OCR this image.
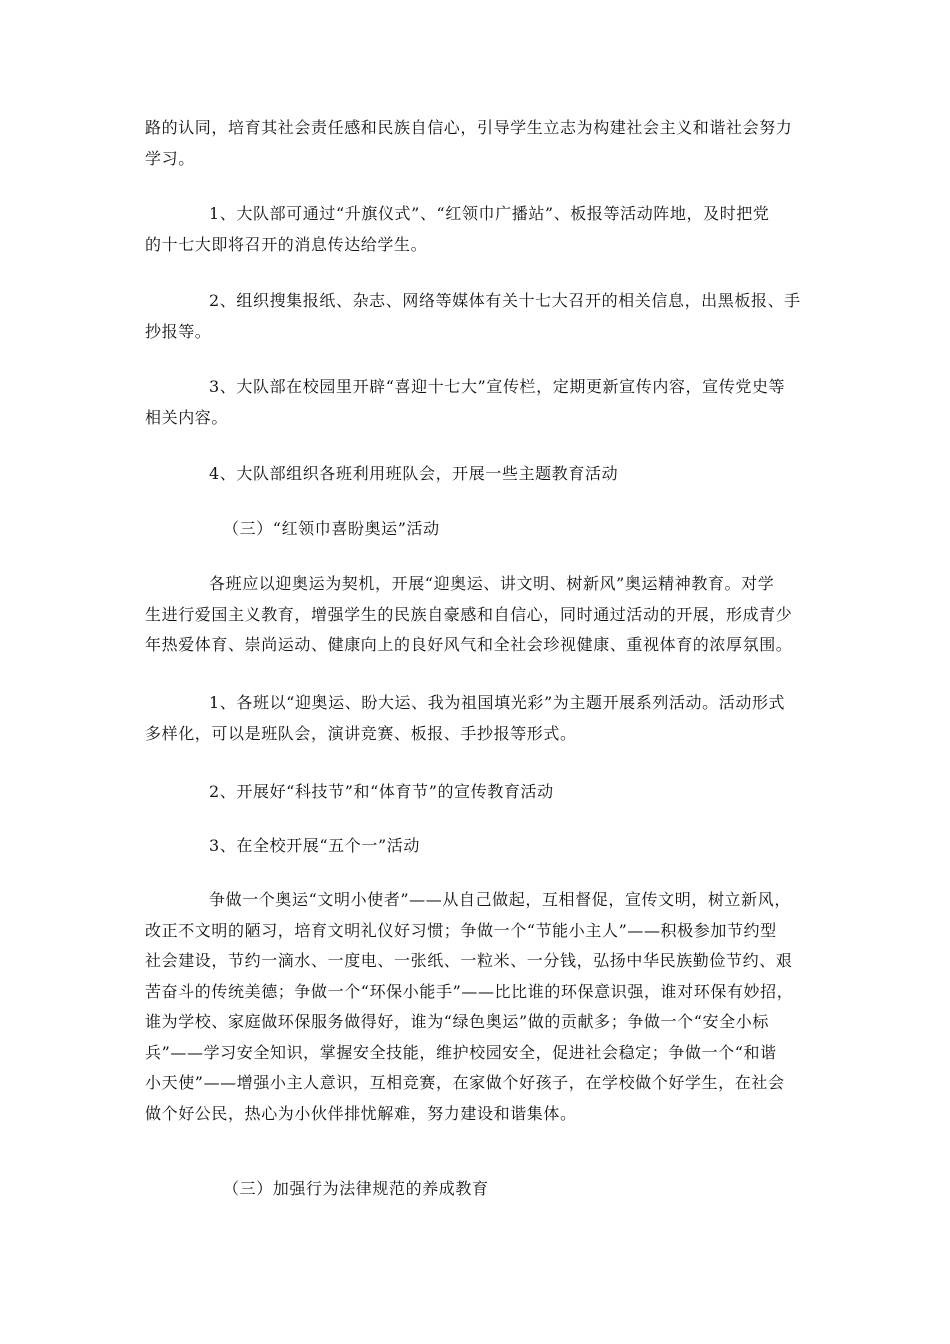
路的认同，培育其社会责任感和民族自信心，引导学生立志为构建社会主义和谐社会努力
学习。

1、大队部可通过“升旗仪式”、“红领巾广播站”、板报等活动阵地，及时把党
的十七大即将召开的消息传达给学生。

2、组织搜集报纸、杂志、网络等媒体有关十七大召开的相关信息，出黑板报、手
抄报等。

3、大队部在校园里开辟“喜迎十七大”宣传栏，定期更新宣传内容，宣传党史等
相关内容。

4、大队部组织各班利用班队会，开展一些主题教育活动

（三）“红领巾喜盼奥运”活动

各班应以迎奥运为契机，开展“迎奥运、讲文明、树新风”奥运精神教育。对学
生进行爱国主义教育，增强学生的民族自豪感和自信心，同时通过活动的开展，形成青少
年热爱体育、崇尚运动、健康向上的良好风气和全社会珍视健康、重视体育的浓厚氛围。

1、各班以“迎奥运、盼大运、我为祖国填光彩”为主题开展系列活动。活动形式
多样化，可以是班队会，演讲竞赛、板报、手抄报等形式。

2、开展好“科技节”和“体育节”的宣传教育活动

3、在全校开展“五个一”活动

争做一个奥运“文明小使者”——从自己做起，互相督促，宣传文明，树立新风，
改正不文明的陋习，培育文明礼仪好习惯；争做一个“节能小主人”——积极参加节约型
社会建设，节约一滴水、一度电、一张纸、一粒米、一分钱，弘扬中华民族勤俭节约、艰
苦奋斗的传统美德；争做一个“环保小能手”——比比谁的环保意识强，谁对环保有妙招，
谁为学校、家庭做环保服务做得好，谁为“绿色奥运”做的贡献多；争做一个“安全小标
兵”——学习安全知识，掌握安全技能，维护校园安全，促进社会稳定；争做一个“和谐
小天使”——增强小主人意识，互相竞赛，在家做个好孩子，在学校做个好学生，在社会
做个好公民，热心为小伙伴排忧解难，努力建设和谐集体。

（三）加强行为法律规范的养成教育
